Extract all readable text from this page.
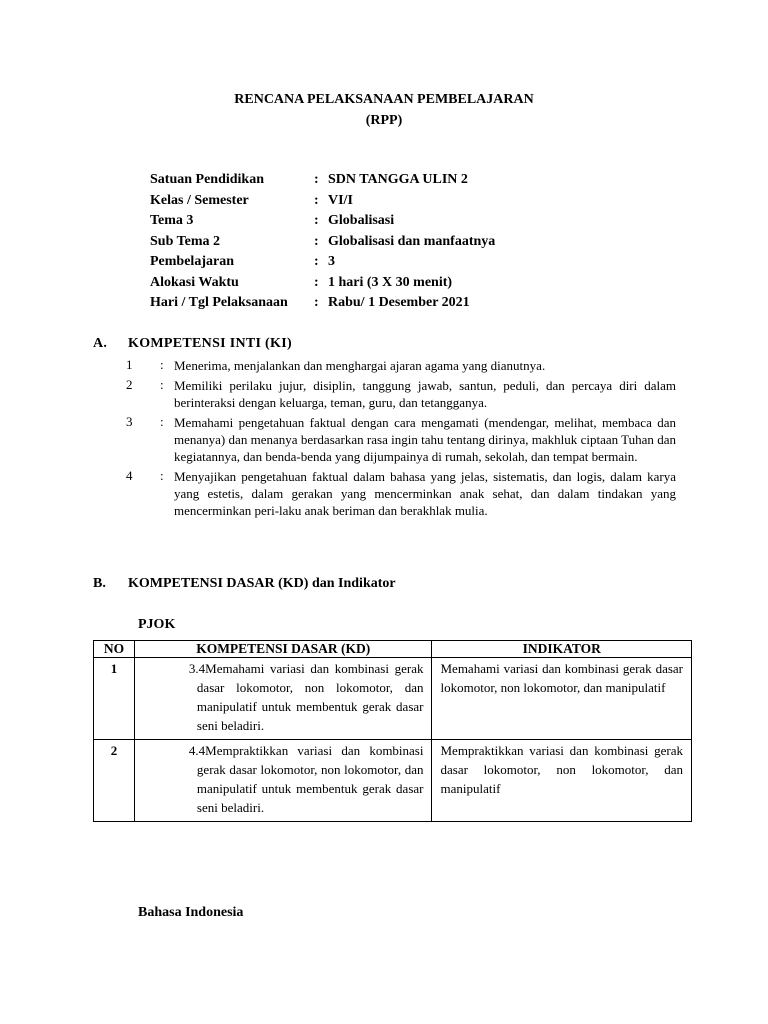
RENCANA PELAKSANAAN PEMBELAJARAN
(RPP)
Satuan Pendidikan	: SDN TANGGA ULIN 2
Kelas / Semester	: VI/I
Tema 3	: Globalisasi
Sub Tema 2	: Globalisasi dan manfaatnya
Pembelajaran	: 3
Alokasi Waktu	: 1 hari (3 X 30 menit)
Hari / Tgl Pelaksanaan : Rabu/ 1 Desember 2021
A. KOMPETENSI INTI (KI)
1 : Menerima, menjalankan dan menghargai ajaran agama yang dianutnya.
2 : Memiliki perilaku jujur, disiplin, tanggung jawab, santun, peduli, dan percaya diri dalam berinteraksi dengan keluarga, teman, guru, dan tetangganya.
3 : Memahami pengetahuan faktual dengan cara mengamati (mendengar, melihat, membaca dan menanya) dan menanya berdasarkan rasa ingin tahu tentang dirinya, makhluk ciptaan Tuhan dan kegiatannya, dan benda-benda yang dijumpainya di rumah, sekolah, dan tempat bermain.
4 : Menyajikan pengetahuan faktual dalam bahasa yang jelas, sistematis, dan logis, dalam karya yang estetis, dalam gerakan yang mencerminkan anak sehat, dan dalam tindakan yang mencerminkan peri-laku anak beriman dan berakhlak mulia.
B. KOMPETENSI DASAR (KD) dan Indikator
PJOK
NO	KOMPETENSI DASAR (KD)	INDIKATOR
1	3.4Memahami variasi dan kombinasi gerak dasar lokomotor, non lokomotor, dan manipulatif untuk membentuk gerak dasar seni beladiri.	Memahami variasi dan kombinasi gerak dasar lokomotor, non lokomotor, dan manipulatif
2	4.4Mempraktikkan variasi dan kombinasi gerak dasar lokomotor, non lokomotor, dan manipulatif untuk membentuk gerak dasar seni beladiri.	Mempraktikkan variasi dan kombinasi gerak dasar lokomotor, non lokomotor, dan manipulatif
Bahasa Indonesia
